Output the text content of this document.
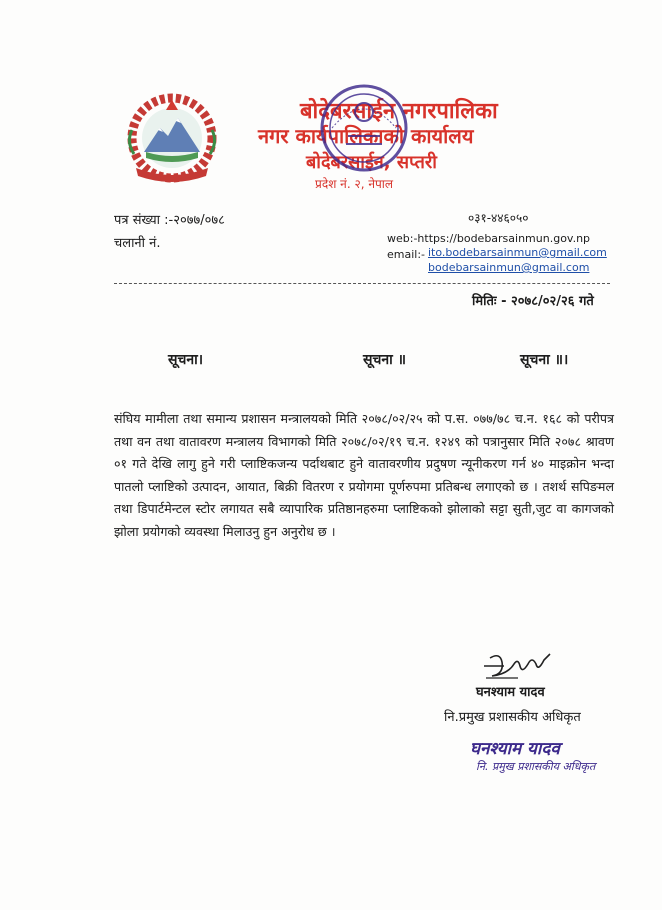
बोदेबरसाईन नगरपालिका
नगर कार्यपालिकाको कार्यालय
बोदेबरसाईन, सप्तरी
प्रदेश नं. २, नेपाल
पत्र संख्या :-२०७७/०७८
चलानी नं.
०३१-४४६०५०
web:-https://bodebarsainmun.gov.np
email:- ito.bodebarsainmun@gmail.com
bodebarsainmun@gmail.com
मितिः - २०७८/०२/२६ गते
सूचना।	सूचना ॥	सूचना ॥।
संघिय मामीला तथा समान्य प्रशासन मन्त्रालयको मिति २०७८/०२/२५ को प.स. ०७७/७८ च.न. १६८ को परीपत्र तथा वन तथा वातावरण मन्त्रालय विभागको मिति २०७८/०२/१९ च.न. १२४९ को पत्रानुसार मिति २०७८ श्रावण ०१ गते देखि लागु हुने गरी प्लाष्टिकजन्य पर्दाथबाट हुने वातावरणीय प्रदुषण न्यूनीकरण गर्न ४० माइक्रोन भन्दा पातलो प्लाष्टिको उत्पादन, आयात, बिक्री वितरण र प्रयोगमा पूर्णरुपमा प्रतिबन्ध लगाएको छ । तशर्थ सपिङमल तथा डिपार्टमेन्टल स्टोर लगायत सबै व्यापारिक प्रतिष्ठानहरुमा प्लाष्टिकको झोलाको सट्टा सुती,जुट वा कागजको झोला प्रयोगको व्यवस्था मिलाउनु हुन अनुरोध छ ।
घनश्याम यादव
नि.प्रमुख प्रशासकीय अधिकृत
घनश्याम यादव
नि. प्रमुख प्रशासकीय अधिकृत
